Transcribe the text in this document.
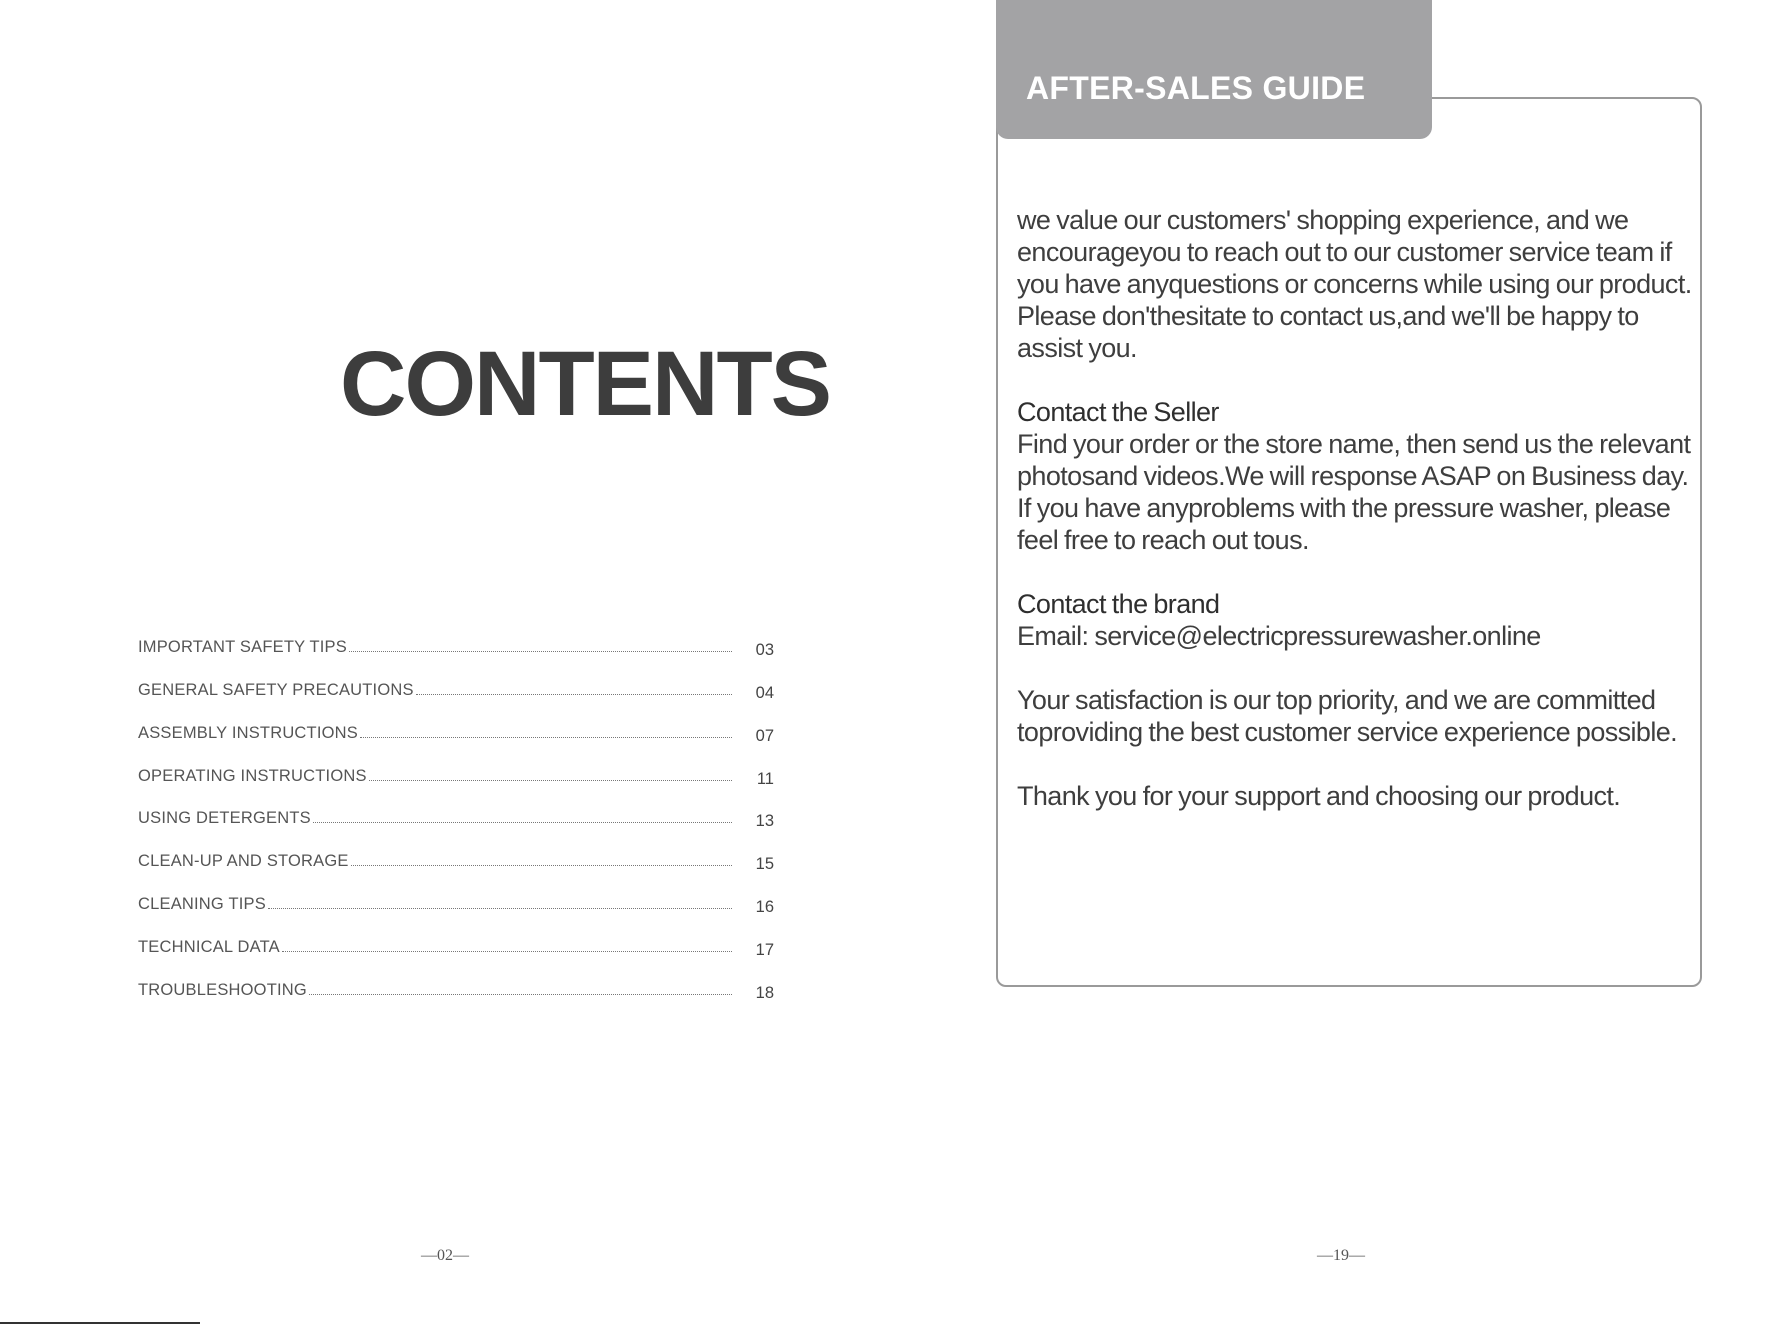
CONTENTS
IMPORTANT SAFETY TIPS	03
GENERAL SAFETY PRECAUTIONS	04
ASSEMBLY INSTRUCTIONS	07
OPERATING INSTRUCTIONS	11
USING DETERGENTS	13
CLEAN-UP AND STORAGE	15
CLEANING TIPS	16
TECHNICAL DATA	17
TROUBLESHOOTING	18
—02—
AFTER-SALES GUIDE

we value our customers' shopping experience, and we encourageyou to reach out to our customer service team if you have anyquestions or concerns while using our product. Please don'thesitate to contact us,and we'll be happy to assist you.

Contact the Seller
Find your order or the store name, then send us the relevant photosand videos.We will response ASAP on Business day. If you have anyproblems with the pressure washer, please feel free to reach out tous.
Contact the brand
Email: service@electricpressurewasher.online

Your satisfaction is our top priority, and we are committed toproviding the best customer service experience possible.

Thank you for your support and choosing our product.

—19—
